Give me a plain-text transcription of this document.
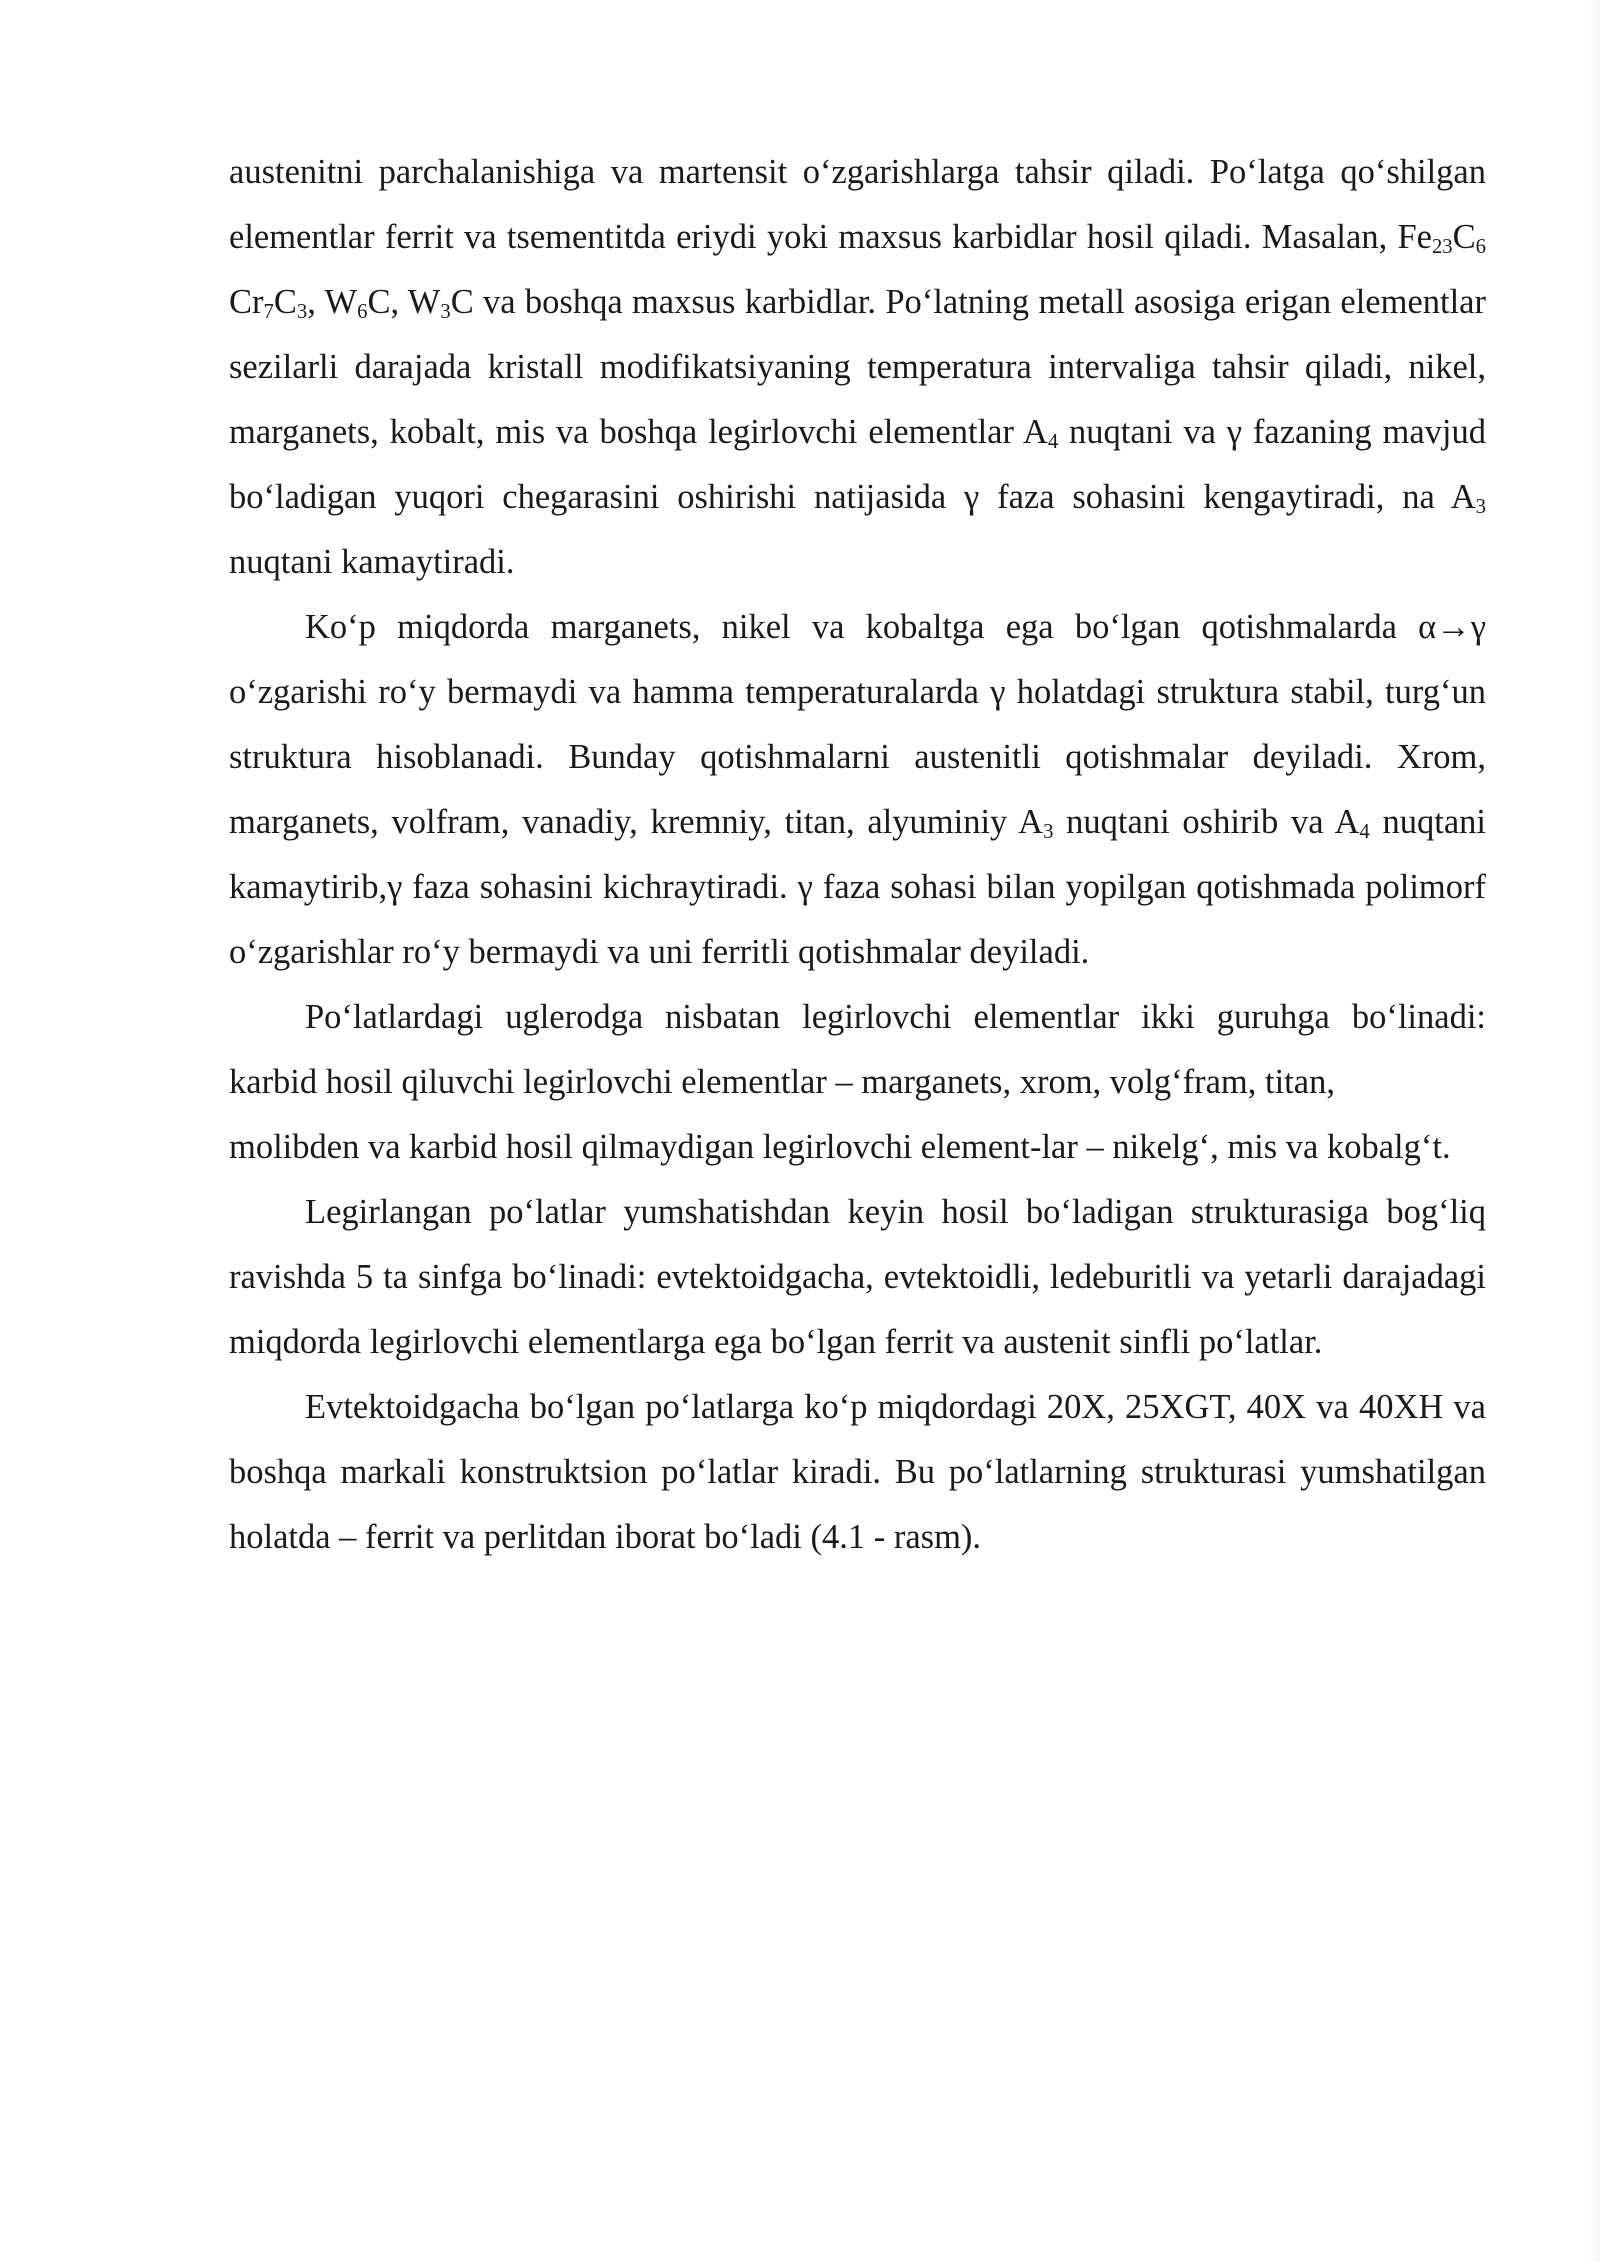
austenitni parchalanishiga va martensit o‘zgarishlarga tahsir qiladi. Po‘latga qo‘shilgan elementlar ferrit va tsementitda eriydi yoki maxsus karbidlar hosil qiladi. Masalan, $Fe_{23}C_6$ $Cr_7C_3$, $W_6C$, $W_3C$ va boshqa maxsus karbidlar. Po‘latning metall asosiga erigan elementlar sezilarli darajada kristall modifikatsiyaning temperatura intervaliga tahsir qiladi, nikel, marganets, kobalt, mis va boshqa legirlovchi elementlar $A_4$ nuqtani va γ fazaning mavjud bo‘ladigan yuqori chegarasini oshirishi natijasida γ faza sohasini kengaytiradi, na $A_3$ nuqtani kamaytiradi.

Ko‘p miqdorda marganets, nikel va kobaltga ega bo‘lgan qotishmalarda α→γ o‘zgarishi ro‘y bermaydi va hamma temperaturalarda γ holatdagi struktura stabil, turg‘un struktura hisoblanadi. Bunday qotishmalarni austenitli qotishmalar deyiladi. Xrom, marganets, volfram, vanadiy, kremniy, titan, alyuminiy $A_3$ nuqtani oshirib va $A_4$ nuqtani kamaytirib,γ faza sohasini kichraytiradi. γ faza sohasi bilan yopilgan qotishmada polimorf o‘zgarishlar ro‘y bermaydi va uni ferritli qotishmalar deyiladi.

Po‘latlardagi uglerodga nisbatan legirlovchi elementlar ikki guruhga bo‘linadi: karbid hosil qiluvchi legirlovchi elementlar – marganets, xrom, volg‘fram, titan,

molibden va karbid hosil qilmaydigan legirlovchi element-lar – nikelg‘, mis va kobalg‘t.

Legirlangan po‘latlar yumshatishdan keyin hosil bo‘ladigan strukturasiga bog‘liq ravishda 5 ta sinfga bo‘linadi: evtektoidgacha, evtektoidli, ledeburitli va yetarli darajadagi miqdorda legirlovchi elementlarga ega bo‘lgan ferrit va austenit sinfli po‘latlar.

Evtektoidgacha bo‘lgan po‘latlarga ko‘p miqdordagi 20X, 25XGT, 40X va 40XH va boshqa markali konstruktsion po‘latlar kiradi. Bu po‘latlarning strukturasi yumshatilgan holatda – ferrit va perlitdan iborat bo‘ladi (4.1 - rasm).
